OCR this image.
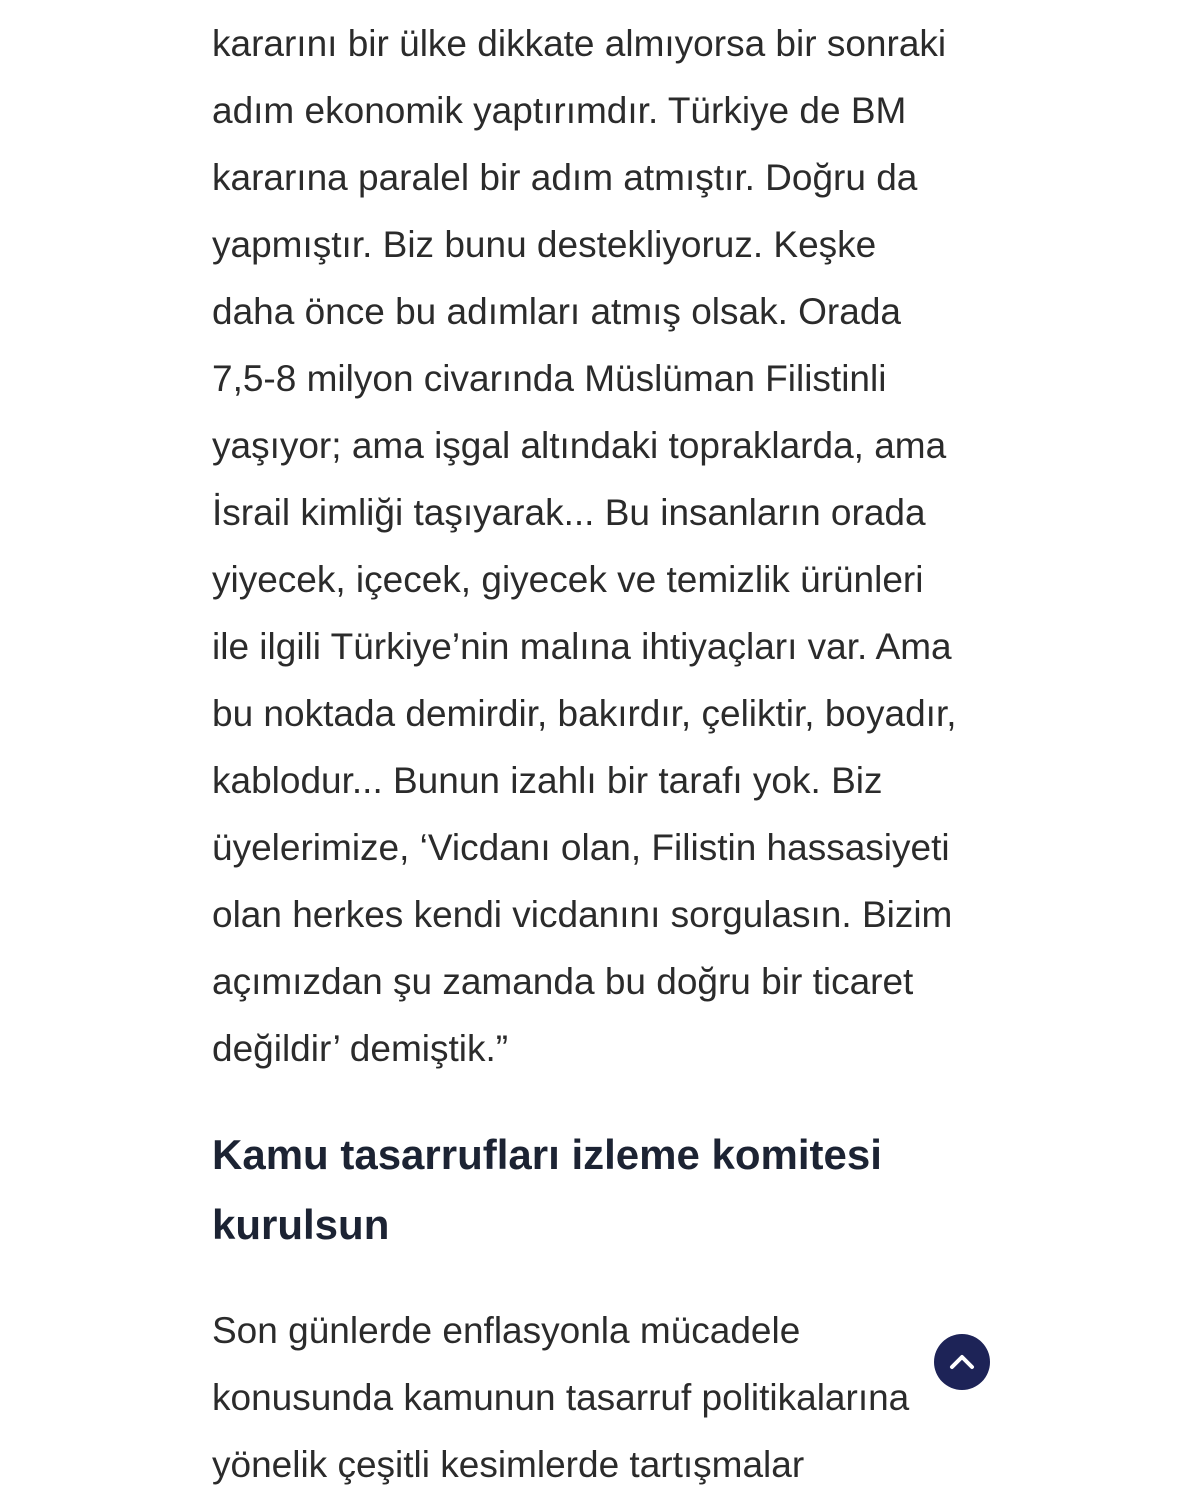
kararını bir ülke dikkate almıyorsa bir sonraki
adım ekonomik yaptırımdır. Türkiye de BM
kararına paralel bir adım atmıştır. Doğru da
yapmıştır. Biz bunu destekliyoruz. Keşke
daha önce bu adımları atmış olsak. Orada
7,5-8 milyon civarında Müslüman Filistinli
yaşıyor; ama işgal altındaki topraklarda, ama
İsrail kimliği taşıyarak... Bu insanların orada
yiyecek, içecek, giyecek ve temizlik ürünleri
ile ilgili Türkiye’nin malına ihtiyaçları var. Ama
bu noktada demirdir, bakırdır, çeliktir, boyadır,
kablodur... Bunun izahlı bir tarafı yok. Biz
üyelerimize, ‘Vicdanı olan, Filistin hassasiyeti
olan herkes kendi vicdanını sorgulasın. Bizim
açımızdan şu zamanda bu doğru bir ticaret
değildir’ demiştik.”
Kamu tasarrufları izleme komitesi
kurulsun
Son günlerde enflasyonla mücadele
konusunda kamunun tasarruf politikalarına
yönelik çeşitli kesimlerde tartışmalar
